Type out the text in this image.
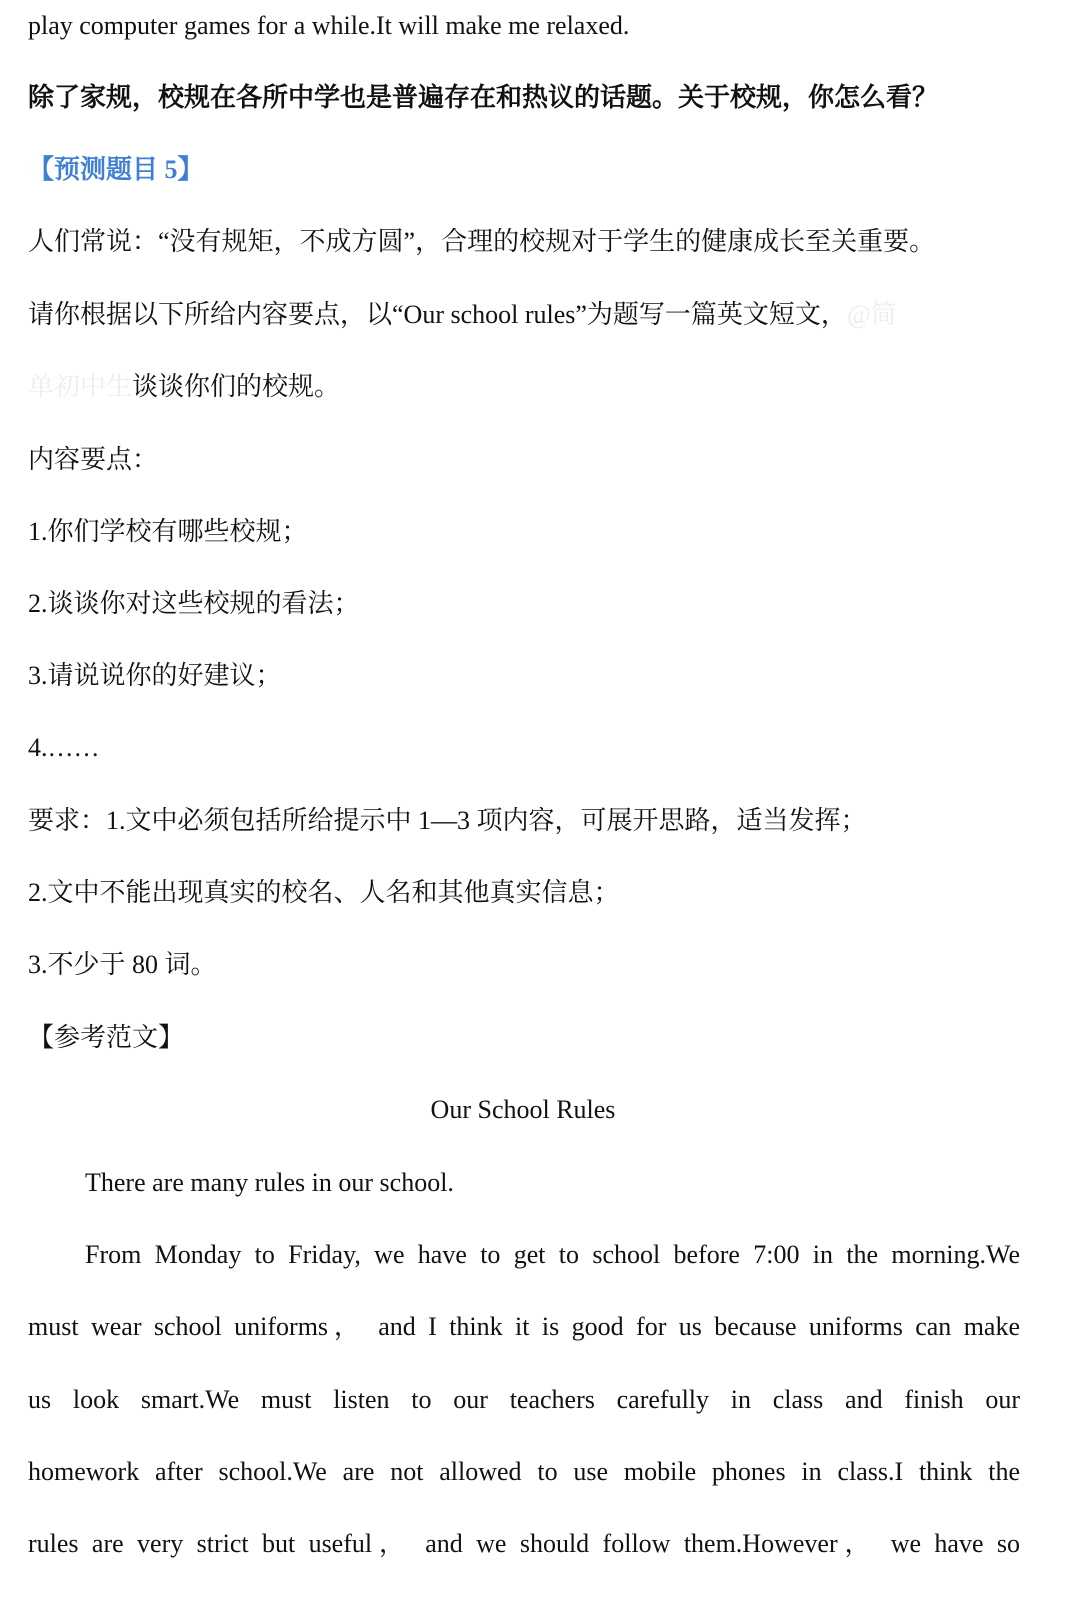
play computer games for a while.It will make me relaxed.
除了家规，校规在各所中学也是普遍存在和热议的话题。关于校规，你怎么看？
【预测题目 5】
人们常说：“没有规矩，不成方圆”，合理的校规对于学生的健康成长至关重要。
请你根据以下所给内容要点，以“Our school rules”为题写一篇英文短文，@简
单初中生谈谈你们的校规。
内容要点：
1.你们学校有哪些校规；
2.谈谈你对这些校规的看法；
3.请说说你的好建议；
4.……
要求：1.文中必须包括所给提示中 1—3 项内容，可展开思路，适当发挥；
2.文中不能出现真实的校名、人名和其他真实信息；
3.不少于 80 词。
【参考范文】
Our School Rules
There are many rules in our school.
From Monday to Friday, we have to get to school before 7:00 in the morning.We
must wear school uniforms， and I think it is good for us because uniforms can make
us look smart.We must listen to our teachers carefully in class and finish our
homework after school.We are not allowed to use mobile phones in class.I think the
rules are very strict but useful， and we should follow them.However， we have so
